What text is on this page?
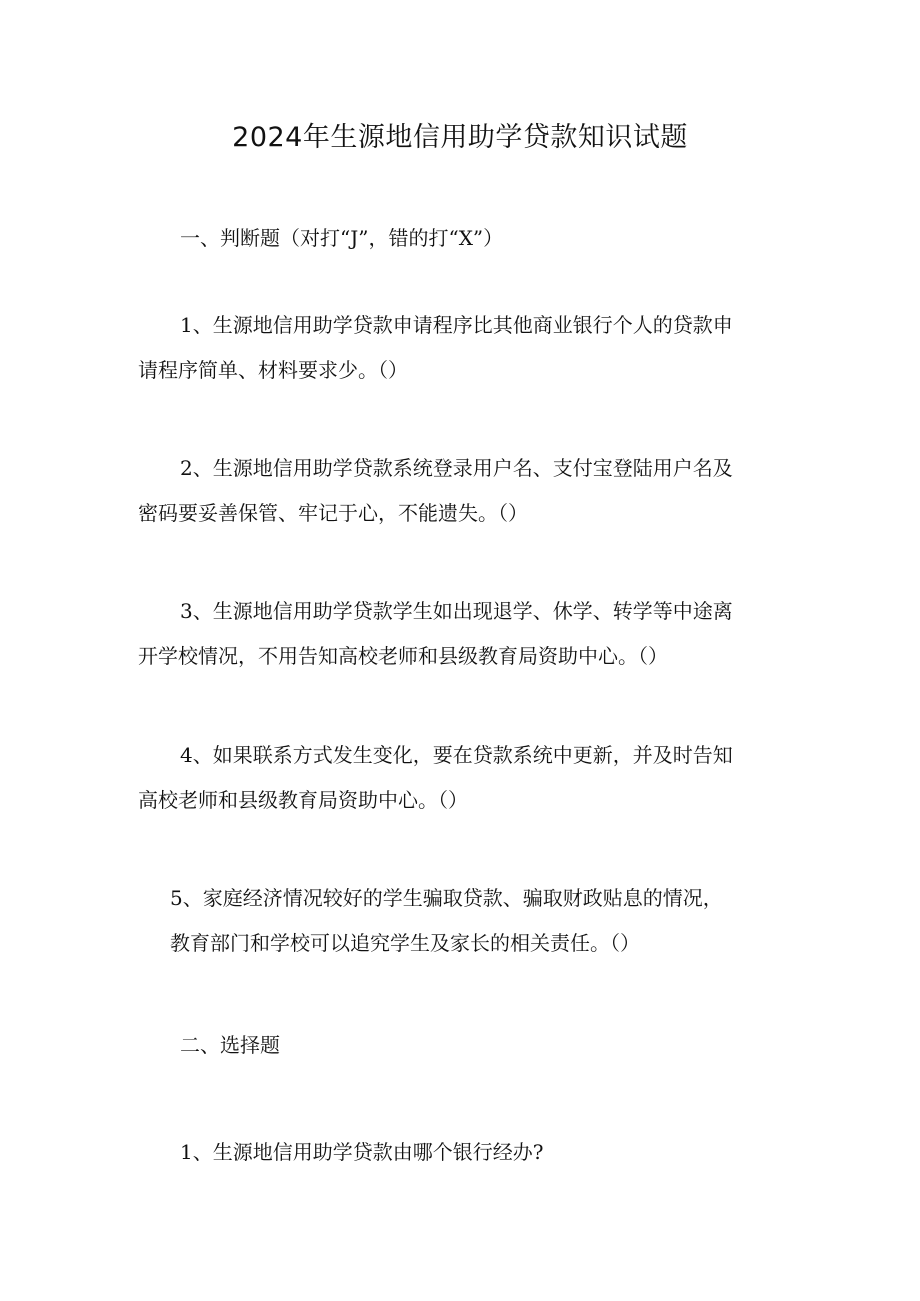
2024年生源地信用助学贷款知识试题
一、判断题（对打“J”，错的打“X”）
1、生源地信用助学贷款申请程序比其他商业银行个人的贷款申
请程序简单、材料要求少。（）
2、生源地信用助学贷款系统登录用户名、支付宝登陆用户名及
密码要妥善保管、牢记于心，不能遗失。（）
3、生源地信用助学贷款学生如出现退学、休学、转学等中途离
开学校情况，不用告知高校老师和县级教育局资助中心。（）
4、如果联系方式发生变化，要在贷款系统中更新，并及时告知
高校老师和县级教育局资助中心。（）
5、家庭经济情况较好的学生骗取贷款、骗取财政贴息的情况，
教育部门和学校可以追究学生及家长的相关责任。（）
二、选择题
1、生源地信用助学贷款由哪个银行经办?
